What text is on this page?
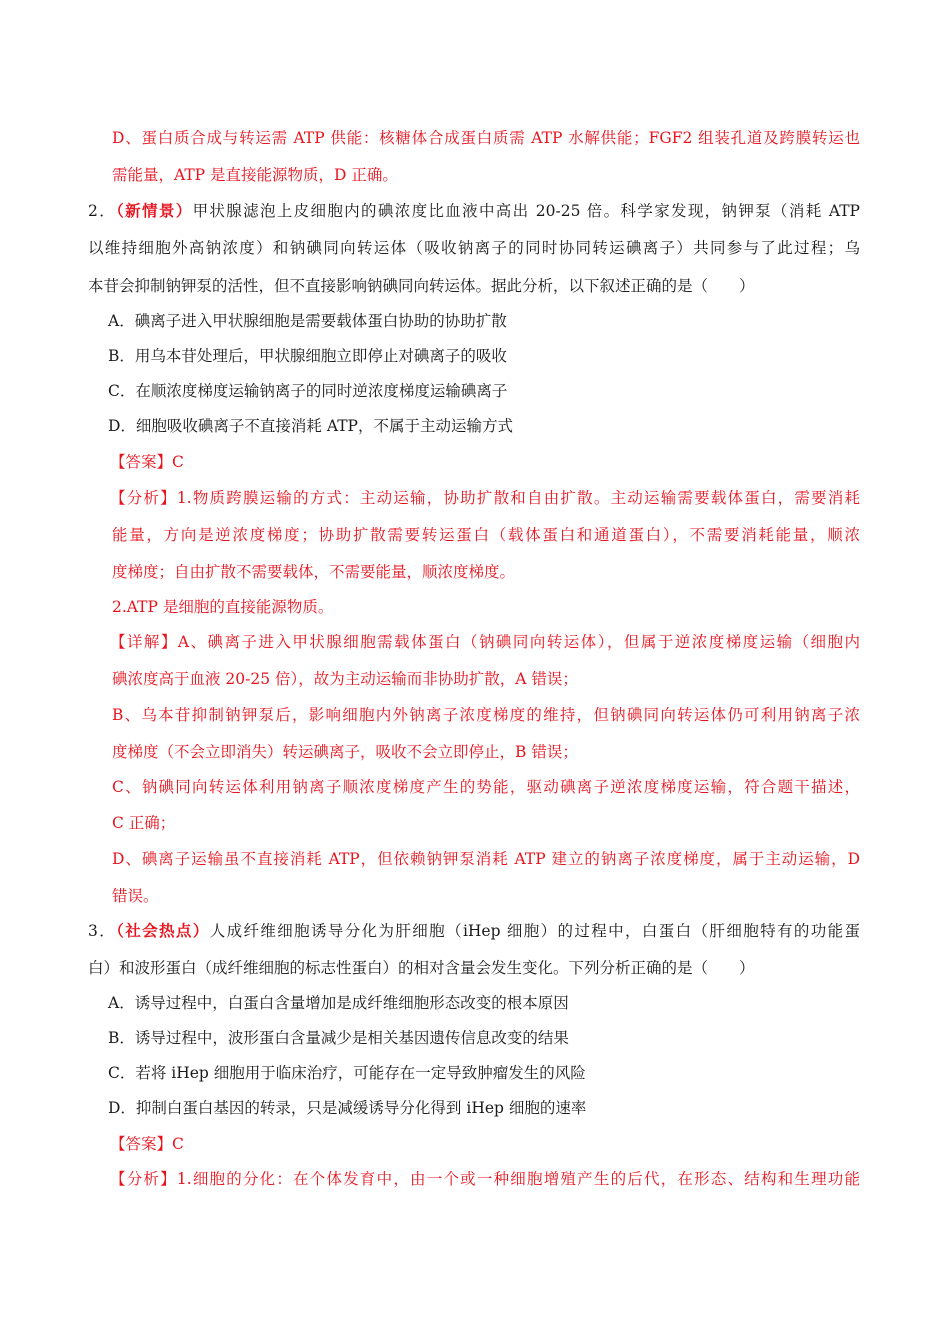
D、蛋白质合成与转运需 ATP 供能：核糖体合成蛋白质需 ATP 水解供能；FGF2 组装孔道及跨膜转运也
需能量，ATP 是直接能源物质，D 正确。
2．（新情景）甲状腺滤泡上皮细胞内的碘浓度比血液中高出 20-25 倍。科学家发现，钠钾泵（消耗 ATP
以维持细胞外高钠浓度）和钠碘同向转运体（吸收钠离子的同时协同转运碘离子）共同参与了此过程；乌
本苷会抑制钠钾泵的活性，但不直接影响钠碘同向转运体。据此分析，以下叙述正确的是（　　）
A．碘离子进入甲状腺细胞是需要载体蛋白协助的协助扩散
B．用乌本苷处理后，甲状腺细胞立即停止对碘离子的吸收
C．在顺浓度梯度运输钠离子的同时逆浓度梯度运输碘离子
D．细胞吸收碘离子不直接消耗 ATP，不属于主动运输方式
【答案】C
【分析】1.物质跨膜运输的方式：主动运输，协助扩散和自由扩散。主动运输需要载体蛋白，需要消耗
能量，方向是逆浓度梯度；协助扩散需要转运蛋白（载体蛋白和通道蛋白），不需要消耗能量，顺浓
度梯度；自由扩散不需要载体，不需要能量，顺浓度梯度。
2.ATP 是细胞的直接能源物质。
【详解】A、碘离子进入甲状腺细胞需载体蛋白（钠碘同向转运体），但属于逆浓度梯度运输（细胞内
碘浓度高于血液 20-25 倍），故为主动运输而非协助扩散，A 错误；
B、乌本苷抑制钠钾泵后，影响细胞内外钠离子浓度梯度的维持，但钠碘同向转运体仍可利用钠离子浓
度梯度（不会立即消失）转运碘离子，吸收不会立即停止，B 错误；
C、钠碘同向转运体利用钠离子顺浓度梯度产生的势能，驱动碘离子逆浓度梯度运输，符合题干描述，
C 正确；
D、碘离子运输虽不直接消耗 ATP，但依赖钠钾泵消耗 ATP 建立的钠离子浓度梯度，属于主动运输，D
错误。
3．（社会热点）人成纤维细胞诱导分化为肝细胞（iHep 细胞）的过程中，白蛋白（肝细胞特有的功能蛋
白）和波形蛋白（成纤维细胞的标志性蛋白）的相对含量会发生变化。下列分析正确的是（　　）
A．诱导过程中，白蛋白含量增加是成纤维细胞形态改变的根本原因
B．诱导过程中，波形蛋白含量减少是相关基因遗传信息改变的结果
C．若将 iHep 细胞用于临床治疗，可能存在一定导致肿瘤发生的风险
D．抑制白蛋白基因的转录，只是减缓诱导分化得到 iHep 细胞的速率
【答案】C
【分析】1.细胞的分化：在个体发育中，由一个或一种细胞增殖产生的后代，在形态、结构和生理功能
